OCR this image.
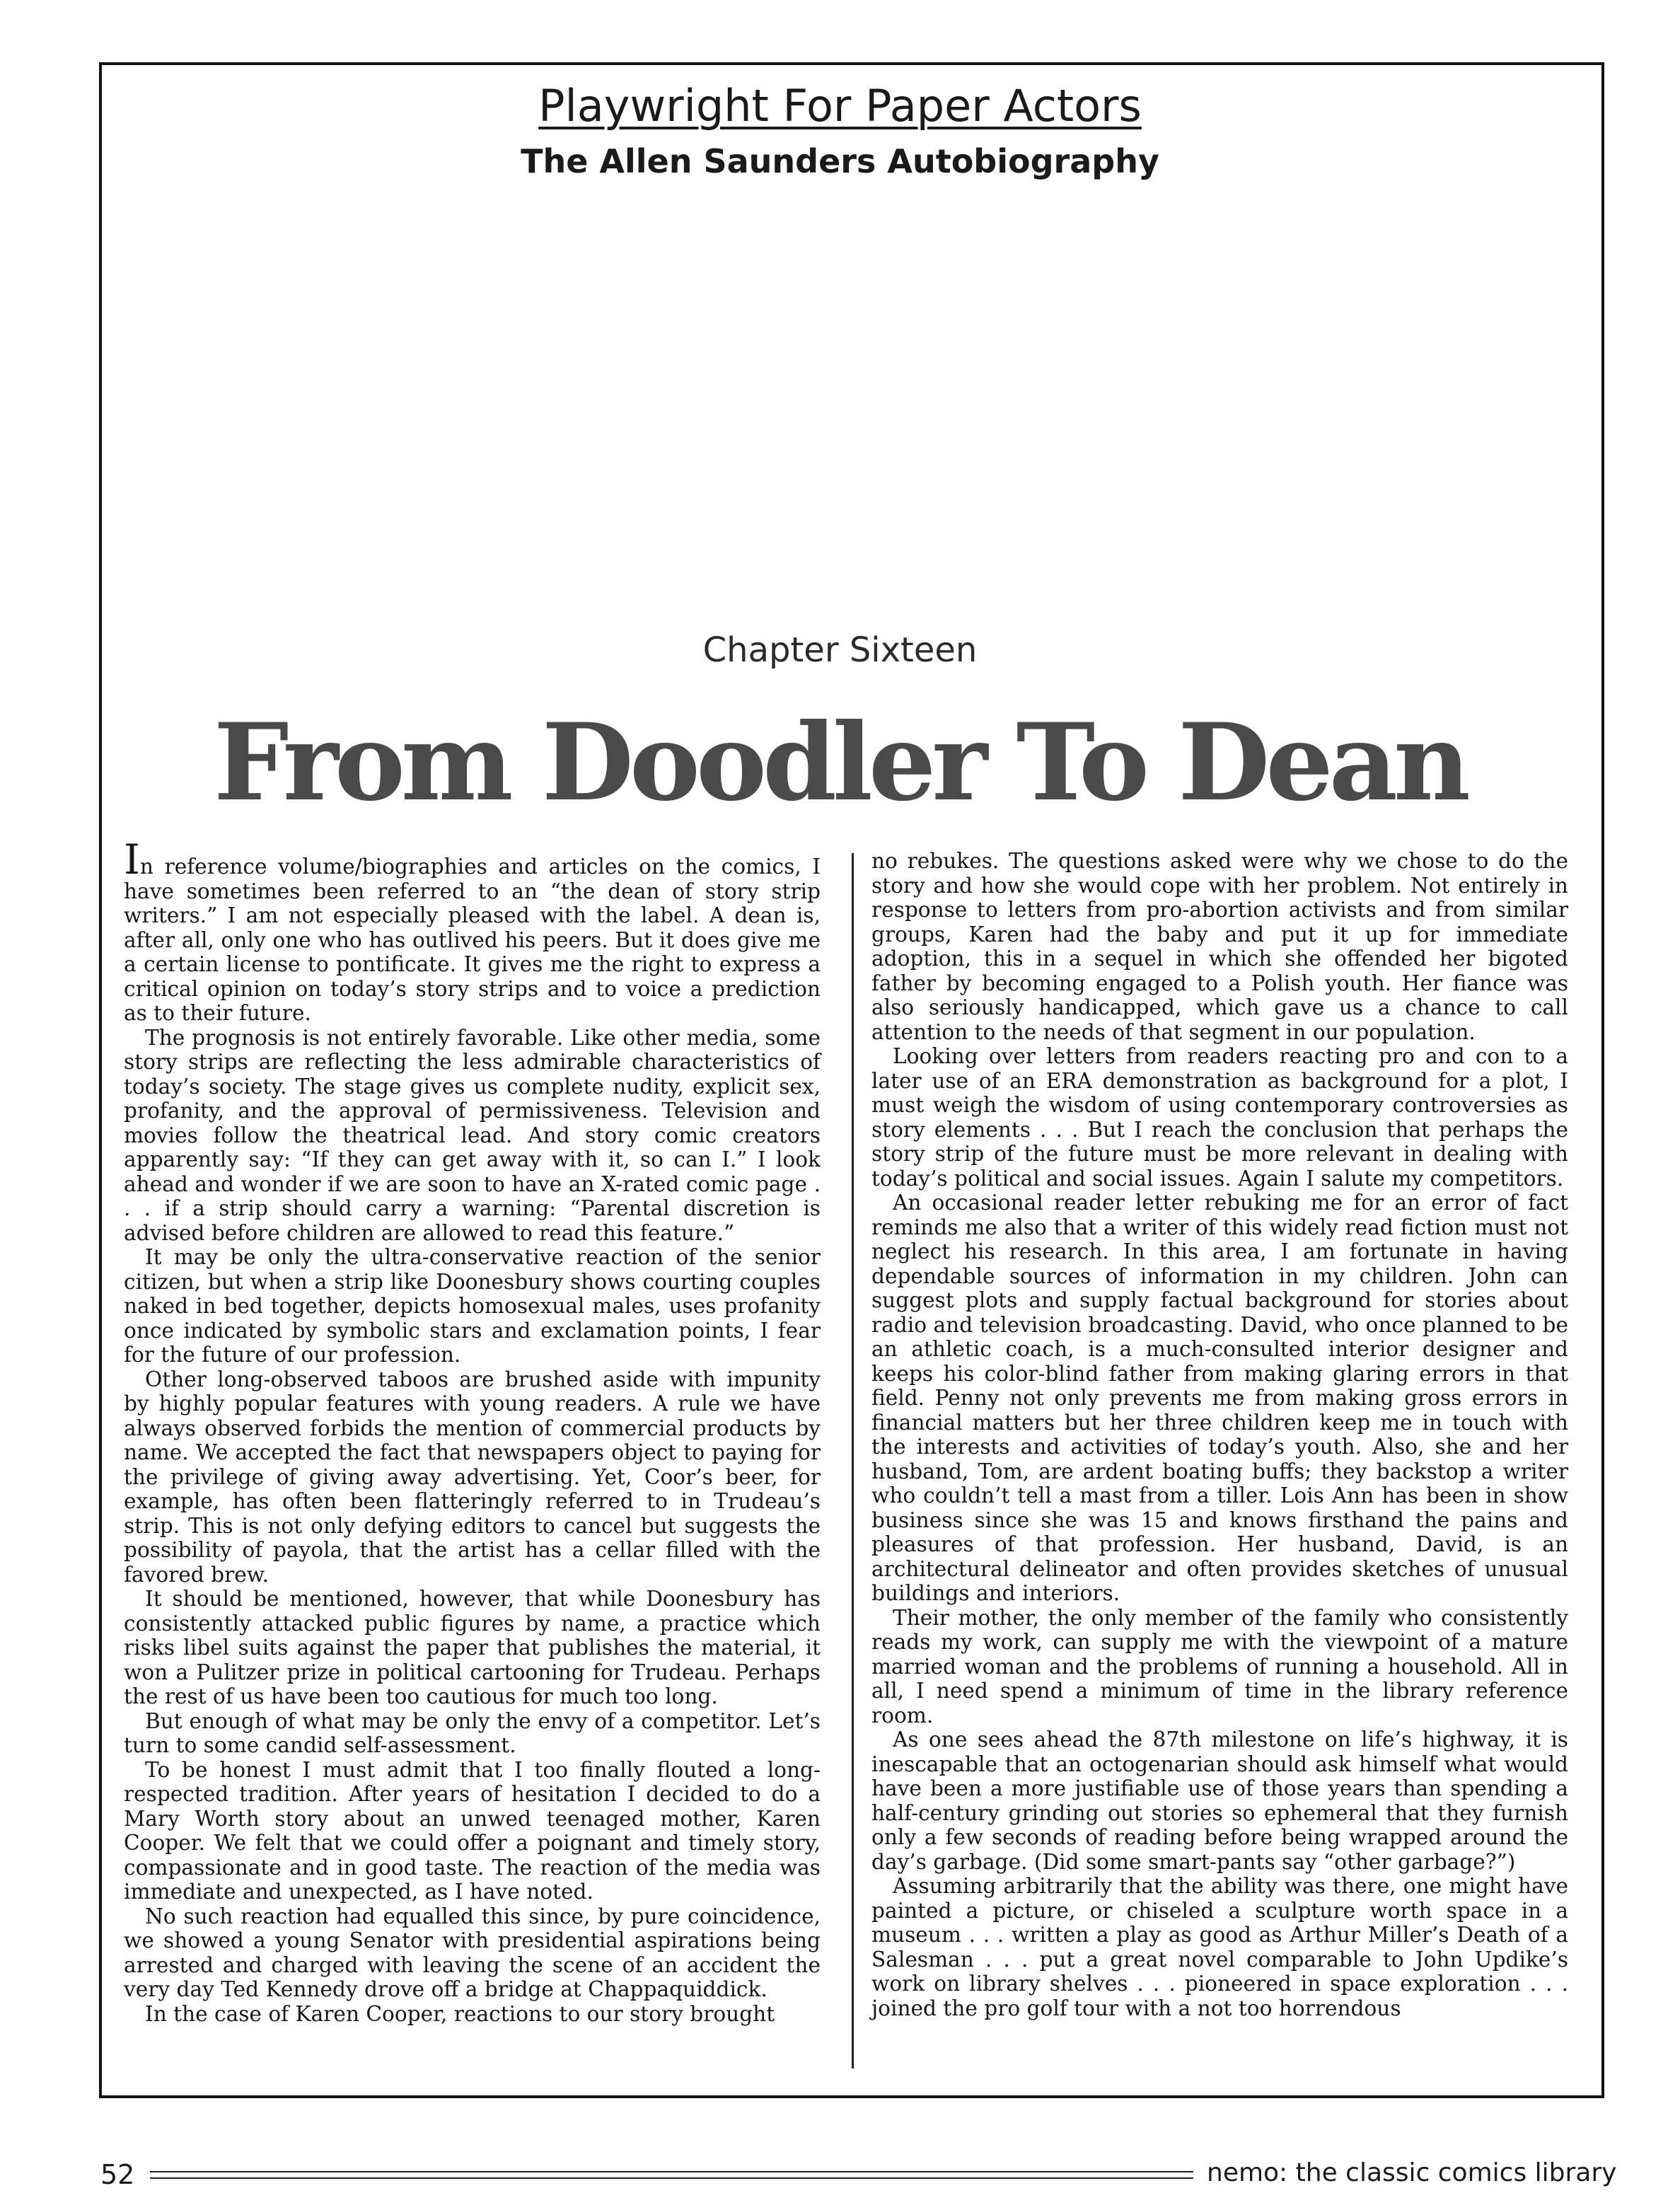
Playwright For Paper Actors
The Allen Saunders Autobiography
Chapter Sixteen
From Doodler To Dean

In reference volume/biographies and articles on the comics, I have sometimes been referred to an “the dean of story strip writers.” I am not especially pleased with the label. A dean is, after all, only one who has outlived his peers. But it does give me a certain license to pontificate. It gives me the right to express a critical opinion on today’s story strips and to voice a prediction as to their future.

The prognosis is not entirely favorable. Like other media, some story strips are reflecting the less admirable characteristics of today’s society. The stage gives us complete nudity, explicit sex, profanity, and the approval of permissiveness. Television and movies follow the theatrical lead. And story comic creators apparently say: “If they can get away with it, so can I.” I look ahead and wonder if we are soon to have an X-rated comic page . . . if a strip should carry a warning: “Parental discretion is advised before children are allowed to read this feature.”

It may be only the ultra-conservative reaction of the senior citizen, but when a strip like Doonesbury shows courting couples naked in bed together, depicts homosexual males, uses profanity once indicated by symbolic stars and exclamation points, I fear for the future of our profession.

Other long-observed taboos are brushed aside with impunity by highly popular features with young readers. A rule we have always observed forbids the mention of commercial products by name. We accepted the fact that newspapers object to paying for the privilege of giving away advertising. Yet, Coor’s beer, for example, has often been flatteringly referred to in Trudeau’s strip. This is not only defying editors to cancel but suggests the possibility of payola, that the artist has a cellar filled with the favored brew.

It should be mentioned, however, that while Doonesbury has consistently attacked public figures by name, a practice which risks libel suits against the paper that publishes the material, it won a Pulitzer prize in political cartooning for Trudeau. Perhaps the rest of us have been too cautious for much too long.

But enough of what may be only the envy of a competitor. Let’s turn to some candid self-assessment.

To be honest I must admit that I too finally flouted a long-respected tradition. After years of hesitation I decided to do a Mary Worth story about an unwed teenaged mother, Karen Cooper. We felt that we could offer a poignant and timely story, compassionate and in good taste. The reaction of the media was immediate and unexpected, as I have noted.

No such reaction had equalled this since, by pure coincidence, we showed a young Senator with presidential aspirations being arrested and charged with leaving the scene of an accident the very day Ted Kennedy drove off a bridge at Chappaquiddick.

In the case of Karen Cooper, reactions to our story brought

no rebukes. The questions asked were why we chose to do the story and how she would cope with her problem. Not entirely in response to letters from pro-abortion activists and from similar groups, Karen had the baby and put it up for immediate adoption, this in a sequel in which she offended her bigoted father by becoming engaged to a Polish youth. Her fiance was also seriously handicapped, which gave us a chance to call attention to the needs of that segment in our population.

Looking over letters from readers reacting pro and con to a later use of an ERA demonstration as background for a plot, I must weigh the wisdom of using contemporary controversies as story elements . . . But I reach the conclusion that perhaps the story strip of the future must be more relevant in dealing with today’s political and social issues. Again I salute my competitors.

An occasional reader letter rebuking me for an error of fact reminds me also that a writer of this widely read fiction must not neglect his research. In this area, I am fortunate in having dependable sources of information in my children. John can suggest plots and supply factual background for stories about radio and television broadcasting. David, who once planned to be an athletic coach, is a much-consulted interior designer and keeps his color-blind father from making glaring errors in that field. Penny not only prevents me from making gross errors in financial matters but her three children keep me in touch with the interests and activities of today’s youth. Also, she and her husband, Tom, are ardent boating buffs; they backstop a writer who couldn’t tell a mast from a tiller. Lois Ann has been in show business since she was 15 and knows firsthand the pains and pleasures of that profession. Her husband, David, is an architectural delineator and often provides sketches of unusual buildings and interiors.

Their mother, the only member of the family who consistently reads my work, can supply me with the viewpoint of a mature married woman and the problems of running a household. All in all, I need spend a minimum of time in the library reference room.

As one sees ahead the 87th milestone on life’s highway, it is inescapable that an octogenarian should ask himself what would have been a more justifiable use of those years than spending a half-century grinding out stories so ephemeral that they furnish only a few seconds of reading before being wrapped around the day’s garbage. (Did some smart-pants say “other garbage?”)

Assuming arbitrarily that the ability was there, one might have painted a picture, or chiseled a sculpture worth space in a museum . . . written a play as good as Arthur Miller’s Death of a Salesman . . . put a great novel comparable to John Updike’s work on library shelves . . . pioneered in space exploration . . . joined the pro golf tour with a not too horrendous

52	nemo: the classic comics library
